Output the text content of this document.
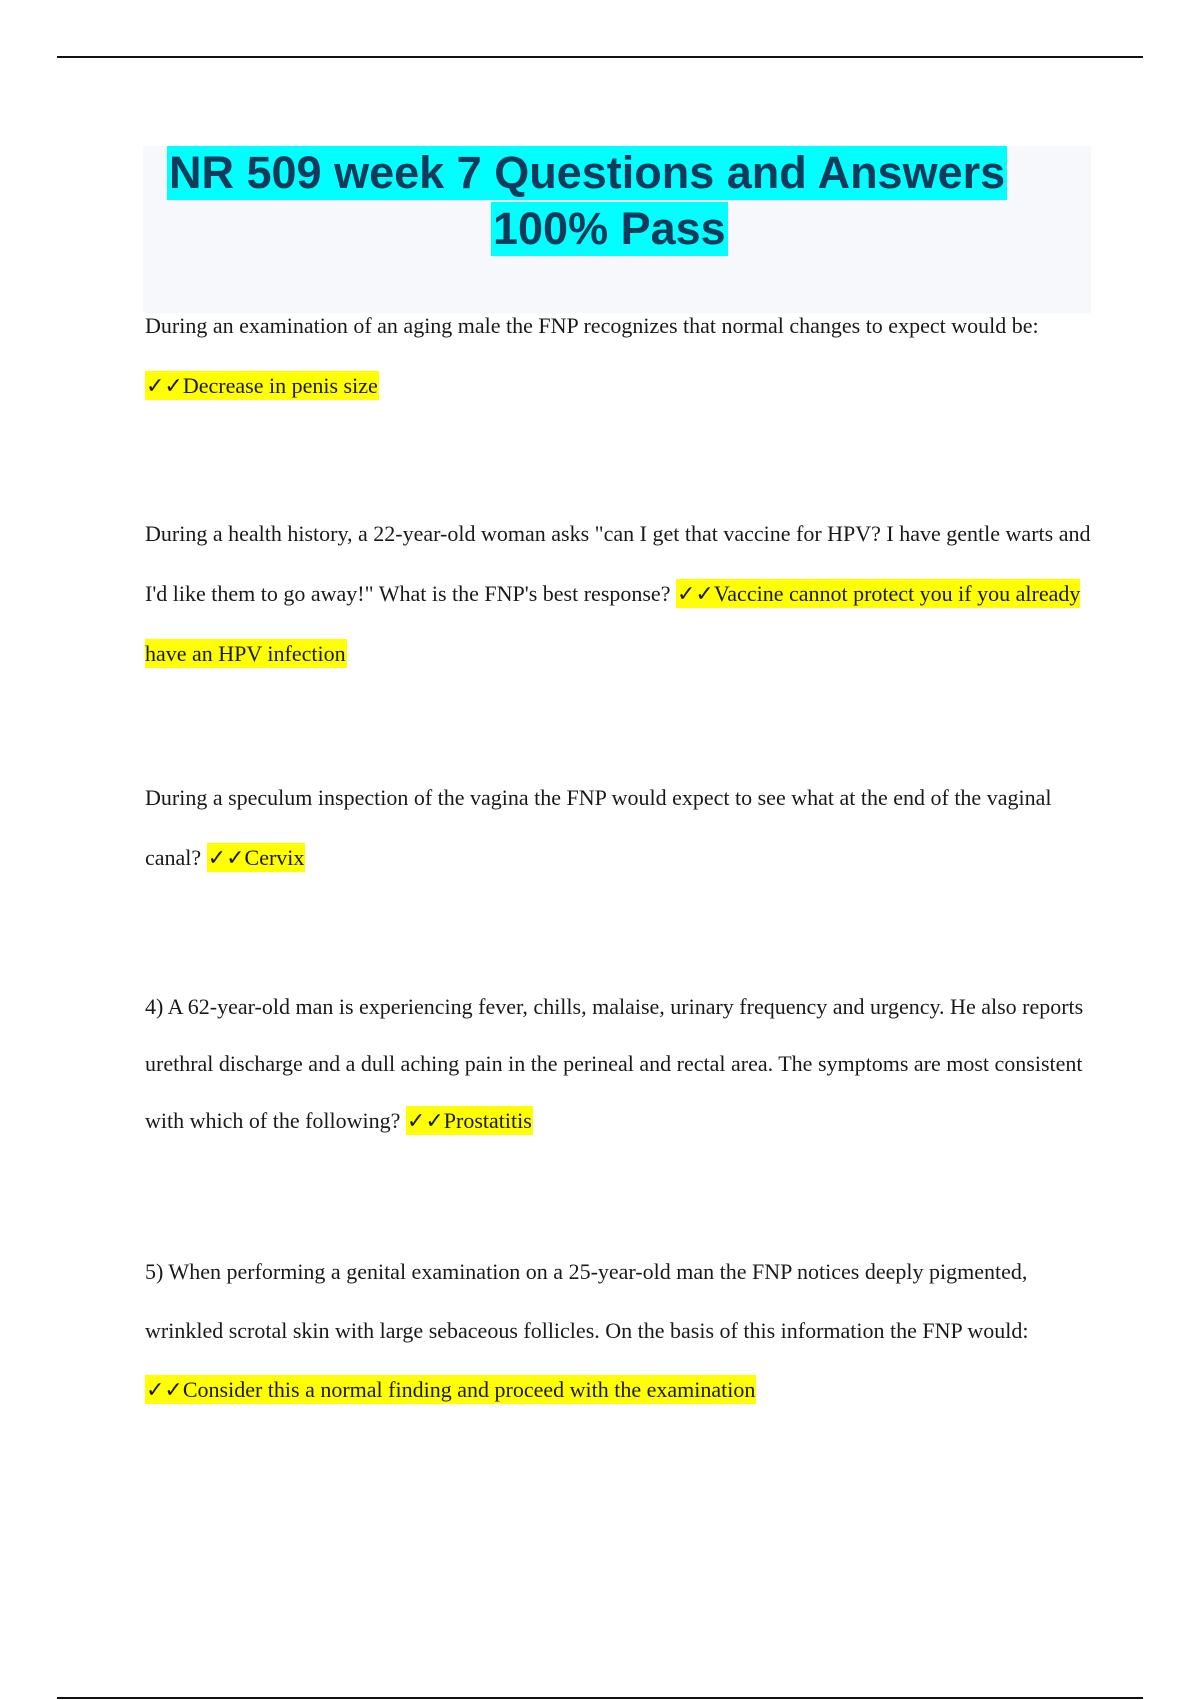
NR 509 week 7 Questions and Answers
100% Pass

During an examination of an aging male the FNP recognizes that normal changes to expect would be: ✓✓Decrease in penis size

During a health history, a 22-year-old woman asks "can I get that vaccine for HPV? I have gentle warts and I'd like them to go away!" What is the FNP's best response? ✓✓Vaccine cannot protect you if you already have an HPV infection

During a speculum inspection of the vagina the FNP would expect to see what at the end of the vaginal canal? ✓✓Cervix

4) A 62-year-old man is experiencing fever, chills, malaise, urinary frequency and urgency. He also reports urethral discharge and a dull aching pain in the perineal and rectal area. The symptoms are most consistent with which of the following? ✓✓Prostatitis

5) When performing a genital examination on a 25-year-old man the FNP notices deeply pigmented, wrinkled scrotal skin with large sebaceous follicles. On the basis of this information the FNP would: ✓✓Consider this a normal finding and proceed with the examination
